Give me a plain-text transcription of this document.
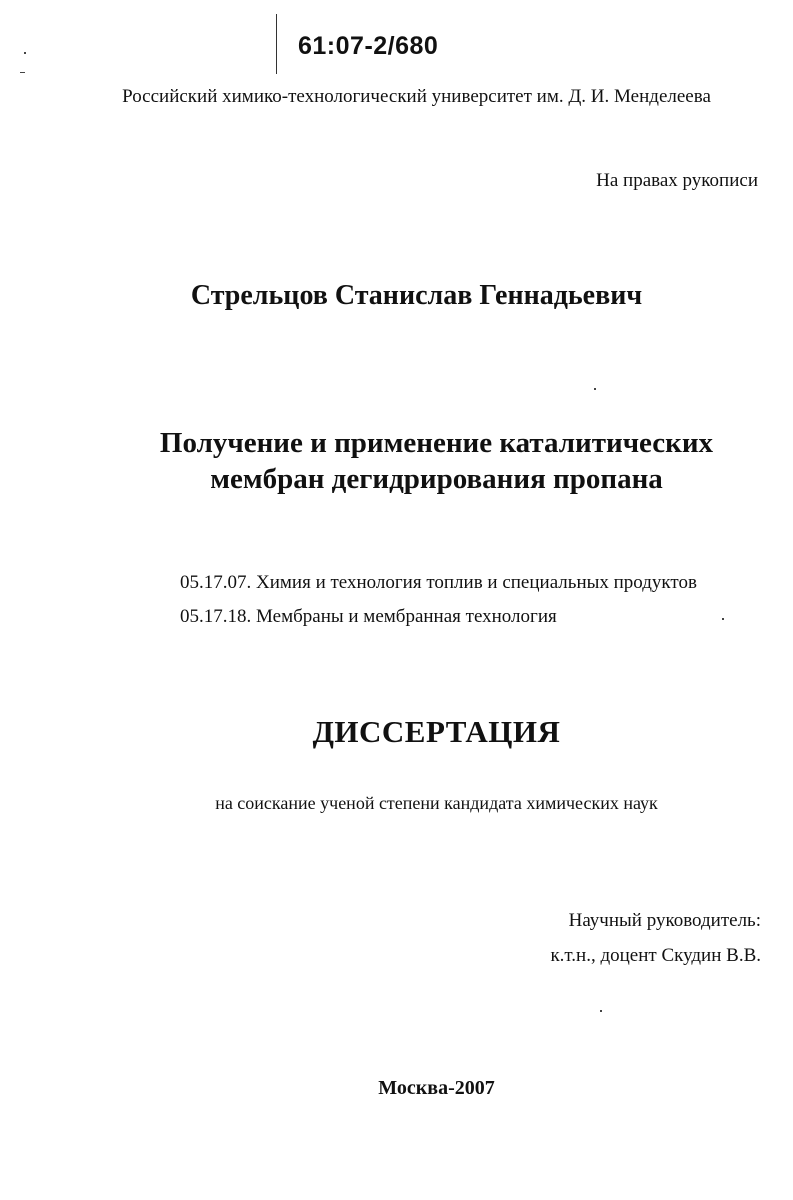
61:07-2/680
Российский химико-технологический университет им. Д. И. Менделеева
На правах рукописи
Стрельцов Станислав Геннадьевич
Получение и применение каталитических
мембран дегидрирования пропана
05.17.07. Химия и технология топлив и специальных продуктов
05.17.18. Мембраны и мембранная технология
ДИССЕРТАЦИЯ
на соискание ученой степени кандидата химических наук
Научный руководитель:
к.т.н., доцент Скудин В.В.
Москва-2007
